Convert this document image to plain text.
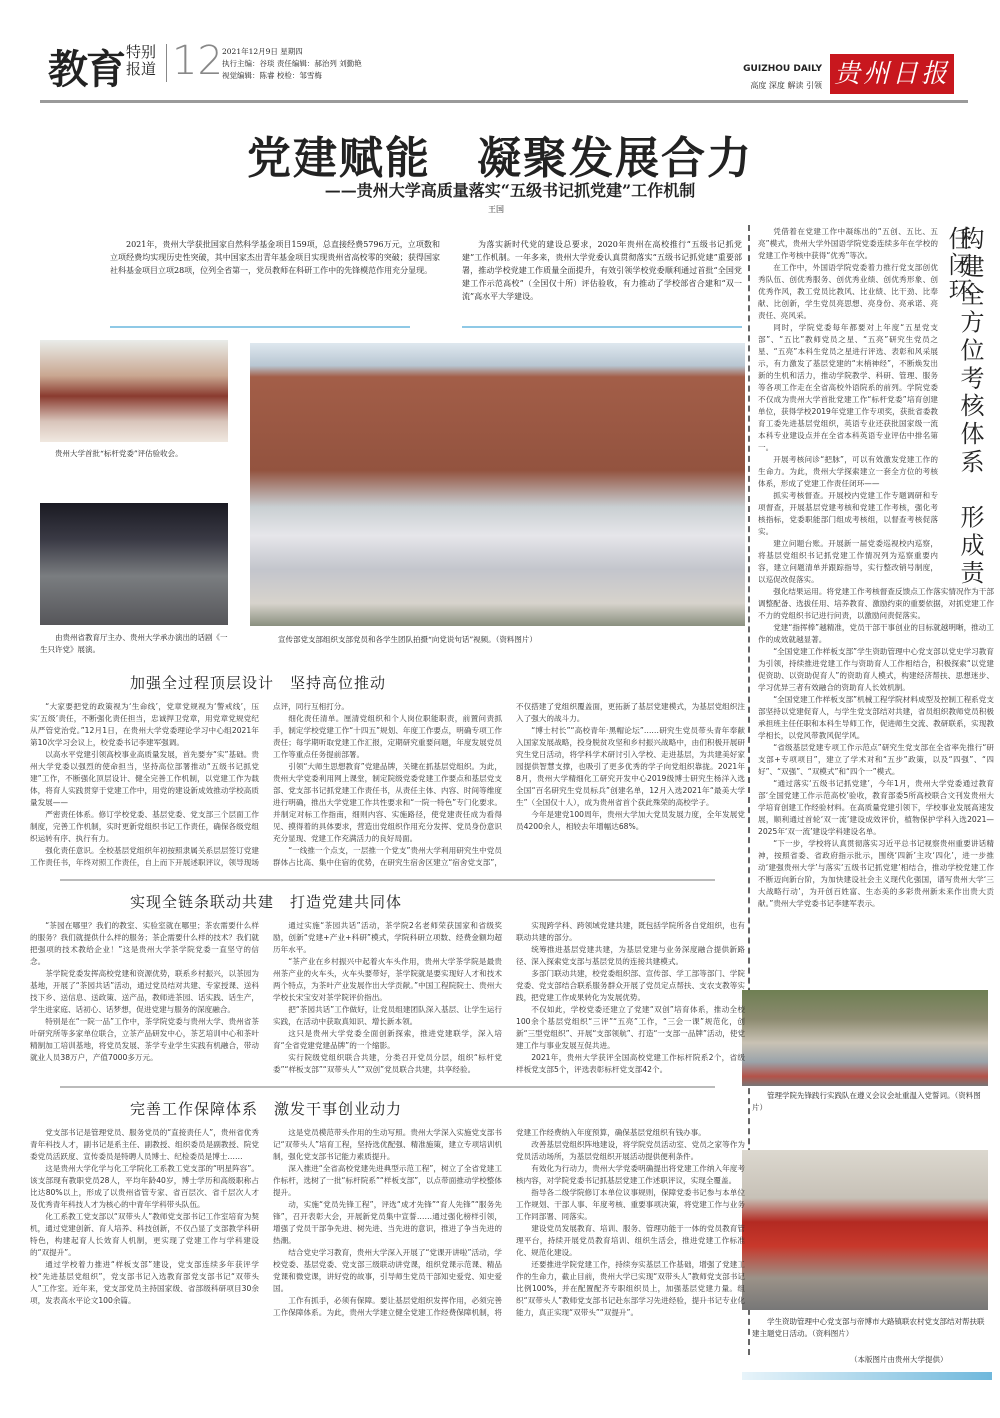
教育 特别报道 12 2021年12月9日 星期四
执行主编：谷琰 责任编辑：郝治列 刘勤艳
视觉编辑：陈睿 校检：邹雪梅
GUIZHOU DAILY
高度 深度 解读 引领 贵州日报
党建赋能　凝聚发展合力
——贵州大学高质量落实“五级书记抓党建”工作机制
王国
2021年，贵州大学获批国家自然科学基金项目159项，总直接经费5796万元，立项数和立项经费均实现历史性突破，其中国家杰出青年基金项目实现贵州省高校零的突破；获得国家社科基金项目立项28项，位列全省第一，党员教师在科研工作中的先锋模范作用充分显现。
为落实新时代党的建设总要求，2020年贵州在高校推行“五级书记抓党建”工作机制。一年多来，贵州大学党委认真贯彻落实“五级书记抓党建”重要部署，推动学校党建工作质量全面提升，有效引领学校党委顺利通过首批“全国党建工作示范高校”（全国仅十所）评估验收，有力推动了学校部省合建和“双一流”高水平大学建设。
贵州大学首批“标杆党委”评估验收会。
由贵州省教育厅主办、贵州大学承办演出的话剧《一生只许党》展演。
宣传部党支部组织支部党员和各学生团队拍摄“向党说句话”视频。（资料图片）
构建全方位考核体系　形成责任闭环

凭借着在党建工作中凝练出的“五创、五比、五亮”模式，贵州大学外国语学院党委连续多年在学校的党建工作考核中获得“优秀”等次。

在工作中，外国语学院党委着力推行党支部创优秀队伍、创优秀服务、创优秀业绩、创优秀形象、创优秀作风，教工党员比教风、比业绩、比干劲、比奉献、比创新，学生党员亮思想、亮身份、亮承诺、亮责任、亮风采。

同时，学院党委每年都要对上年度“五星党支部”、“五比”教师党员之星、“五亮”研究生党员之星、“五亮”本科生党员之星进行评选、表彰和风采展示，有力激发了基层党建的“末梢神经”，不断焕发出新的生机和活力，推动学院教学、科研、管理、服务等各项工作走在全省高校外语院系的前列。学院党委不仅成为贵州大学首批党建工作“标杆党委”培育创建单位，获得学校2019年党建工作专项奖，获批省委教育工委先进基层党组织，英语专业还获批国家级一流本科专业建设点并在全省本科英语专业评估中排名第一。

开展考核问诊“把脉”，可以有效激发党建工作的生命力。为此，贵州大学探索建立一套全方位的考核体系，形成了党建工作责任闭环——

抓实考核督查。开展校内党建工作专题调研和专项督查，开展基层党建考核和党建工作考核，强化考核指标，党委职能部门组成考核组，以督查考核促落实。

建立问题台账。开展新一届党委巡视校内巡察，将基层党组织书记抓党建工作情况列为巡察重要内容，建立问题清单并跟踪指导，实行整改销号制度，以巡促改促落实。

强化结果运用。将党建工作考核督查反馈点工作落实情况作为干部调整配备、选拔任用、培养教育、激励约束的重要依据，对抓党建工作不力的党组织书记进行问责，以激励问责促落实。

党建“指挥棒”越精准，党员干部干事创业的目标就越明晰，推动工作的成效就越显著。

“全国党建工作样板支部”学生资助管理中心党支部以党史学习教育为引领，持续推进党建工作与资助育人工作相结合，积极探索“以党建促资助、以资助促育人”的资助育人模式，构建经济帮扶、思想迷步、学习优异三者有效融合的资助育人长效机制。

“全国党建工作样板支部”机械工程学院材料成型及控制工程系党支部坚持以党建促育人，与学生党支部结对共建，省员组织教师党员积极承担班主任任职和本科生导师工作，促进师生交流、教研联系，实现教学相长，以党风带教风促学风。

“省级基层党建专项工作示范点”研究生党支部在全省率先推行“研支部+专项项目”，建立了学术对和“五步”政策，以及“四强”、“四好”、“双强”、“双模式”和“四个一”模式。

“通过落实‘五级书记抓党建’，今年1月，贵州大学党委通过教育部‘全国党建工作示范高校’验收，教育部委5所高校联合文刊发贵州大学培育创建工作经验材料。在高质量党建引领下，学校事业发展高速发展，顺利通过首轮‘双一流’建设成效评价，植物保护学科入选2021—2025年‘双一流’建设学科建设名单。

“下一步，学校将认真贯彻落实习近平总书记视察贵州重要讲话精神，按照省委、省政府指示批示，围绕‘四新’主攻‘四化’，进一步推动‘建强贵州大学’与落实‘五级书记抓党建’相结合，推动学校党建工作不断迈向新台阶，为加快建设社会主义现代化强国，谱写贵州大学‘三大战略行动’，为开创百姓富、生态美的多彩贵州新未来作出贵大贡献。”贵州大学党委书记李建军表示。

管理学院先锋践行实践队在遵义会议会址重温入党誓词。（资料图片）
学生资助管理中心党支部与帝博市大路镇联农村党支部结对帮扶联建主题党日活动。（资料图片）
（本版图片由贵州大学提供）
加强全过程顶层设计　坚持高位推动

“大家要把党的政策视为‘生命线’，党章党规视为‘警戒线’，压实‘五级’责任，不断强化责任担当，忠诚捍卫党章，用党章党规党纪从严管党治党。”12月1日，在贵州大学党委理论学习中心组2021年第10次学习会议上，校党委书记李建军强调。

以高水平党建引领高校事业高质量发展，首先要夯“实”基础。贵州大学党委以强烈的使命担当，坚持高位部署推动“五级书记抓党建”工作，不断强化顶层设计、健全完善工作机制，以党建工作为载体，将育人实践贯穿于党建工作中，用党的建设新成效推动学校高质量发展——

严密责任体系。修订学校党委、基层党委、党支部三个层面工作制度，完善工作机制，实时更新党组织书记工作责任，确保各级党组织运转有序、执行有力。

强化责任意识。全校基层党组织年初按照隶属关系层层签订党建工作责任书，年终对照工作责任，自上而下开展述职评议，领导现场点评，同行互相打分。

细化责任清单。厘清党组织和个人岗位职能职责，前置问责抓手，制定学校党建工作“十四五”规划、年度工作要点，明确专项工作责任；每学期听取党建工作汇报，定期研究重要问题，年度发展党员工作等重点任务提前部署。

引领“大师生思想教育”党建品牌，关键在抓基层党组织。为此，贵州大学党委利用网上课堂，制定院级党委党建工作要点和基层党支部、党支部书记抓党建工作责任书，从责任主体、内容、时间等维度进行明确，推出大学党建工作共性要求和“一院一特色”专门化要求。并制定对标工作指南，细则内容、实施路径，使党建责任成为看得见、摸得着的具体要求，营造出党组织作用充分发挥、党员身份意识充分显现、党建工作充满活力的良好局面。

“一线推一个点支，一层推一个党支”贵州大学利用研究生中党员群体占比高、集中住宿的优势，在研究生宿舍区建立“宿舍党支部”，不仅搭建了党组织覆盖面，更拓新了基层党建模式，为基层党组织注入了强大的战斗力。

“博士村长”“高校青年·黑帽论坛”……研究生党员带头青年奉献入国家发展战略，投身脱贫攻坚和乡村振兴战略中，由们积极开展研究生党日活动，将学科学术研讨引入学校、走进基层，为共建美好家园提供智慧支撑，也吸引了更多优秀的学子向党组织靠拢。2021年8月，贵州大学精细化工研究开发中心2019级博士研究生杨洋入选全国“百名研究生党员标兵”创建名单，12月入选2021年“最美大学生”（全国仅十人），成为贵州省首个获此殊荣的高校学子。

今年是建党100周年，贵州大学加大党员发展力度，全年发展党员4200余人，相较去年增幅达68%。

实现全链条联动共建　打造党建共同体

“茶园在哪里？我们的教室、实验室就在哪里；茶农需要什么样的服务？我们就提供什么样的服务；茶企需要什么样的技术？我们就把强项的技术教给企业！”这是贵州大学茶学院党委一直坚守的信念。

茶学院党委发挥高校党建和资源优势，联系乡村振兴，以茶园为基地，开展了“茶园共话”活动，通过党员结对共建、专家授课、送科技下乡、送信息、送政策、送产品，教师进茶园、话实践、话生产，学生进家庭、话初心、话梦想，促进党建与服务的深度融合。

特别是在“一院一品”工作中，茶学院党委与贵州大学、贵州省茶叶研究所等多家单位联合，立茶产品研发中心，茶艺培训中心和茶叶精制加工培训基地，将党员发展、茶学专业学生实践有机融合，带动就业人员38万户，产值7000多万元。

通过实施“茶园共话”活动，茶学院2名老师荣获国家和省级奖励，创新“党建+产业+科研”模式，学院科研立项数、经费金额均超历年水平。

“茶产业在乡村振兴中起着火车头作用，贵州大学茶学院是最贵州茶产业的火车头，火车头要带好，茶学院就是要实现好人才和技术两个特点，为茶叶产业发展作出大学贡献。”中国工程院院士、贵州大学校长宋宝安对茶学院评价指出。

把“茶园共话”工作做好，让党员组建团队深入基层、让学生运行实践，在活动中获取真知识、增长新本领。

这只是贵州大学党委全面创新探索，推进党建联学，深入培育“全省党建党建品牌”的一个缩影。

实行院级党组织联合共建，分类召开党员分层，组织“标杆党委”“样板支部”“双带头人”“双创”党员联合共建，共享经验。

实现跨学科、跨领域党建共建，既包括学院所各自党组织，也有联动共建的部分。

统筹推进基层党建共建，为基层党建与业务深度融合提供新路径、深入探索党支部与基层党员的连接共建模式。

多部门联动共建，校党委组织部、宣传部、学工部等部门、学院党委、党支部结合联系服务群众开展了党员定点帮扶、支农支教等实践，把党建工作成果转化为发展优势。

不仅如此，学校党委还建立了党建“双创”培育体系，推动全校100余个基层党组织“三评”“五亮”工作，“三会一课”规范化，创新“三型党组织”、开展“支部领航”、打造“一支部一品牌”活动，使党建工作与事业发展互促共进。

2021年，贵州大学获评全国高校党建工作标杆院系2个，省级样板党支部5个，评选表彰标杆党支部42个。

完善工作保障体系　激发干事创业动力

党支部书记是管理党员、服务党员的“直接责任人”，贵州省优秀青年科技人才，副书记是系主任、副教授、组织委员是副教授、院党委党员活跃度、宣传委员是特聘人员博士、纪检委员是博士……

这是贵州大学化学与化工学院化工系教工党支部的“明星阵容”。该支部现有教职党员28人，平均年龄40岁，博士学历和高级职称占比达80%以上，形成了以贵州省管专家、省百层次、省千层次人才及优秀青年科技人才为核心的中青年学科带头队伍。

化工系教工党支部以“双带头人”教师党支部书记工作室培育为契机，通过党建创新、育人培养、科技创新，不仅凸显了支部教学科研特色，构建起育人长效育人机制，更实现了党建工作与学科建设的“双提升”。

通过学校着力推进“样板支部”建设，党支部连续多年获评学校“先进基层党组织”，党支部书记入选教育部党支部书记“双带头人”工作室。近年来，党支部党员主持国家级、省部级科研项目30余项，发表高水平论文100余篇。

这是党员模范带头作用的生动写照。贵州大学深入实施党支部书记“双带头人”培育工程，坚持选优配强、精准施策，建立专项培训机制，强化党支部书记能力素质提升。

深入推进“全省高校党建先进典型示范工程”，树立了全省党建工作标杆，选树了一批“标杆院系”“样板支部”，以点带面推动学校整体提升。

动，实施“党员先锋工程”，评选“成才先锋”“育人先锋”“服务先锋”，召开表彰大会，开展新党员集中宣誓……通过强化榜样引领，增强了党员干部争先进、树先进、当先进的意识，推进了争当先进的热潮。

结合党史学习教育，贵州大学深入开展了“党课开讲啦”活动，学校党委、基层党委、党支部三级联动讲党课，组织党课示范课、精品党课和微党课，讲好党的故事，引导师生党员干部知史爱党、知史爱国。

工作有抓手，必须有保障。要让基层党组织发挥作用，必须完善工作保障体系。为此，贵州大学建立健全党建工作经费保障机制，将党建工作经费纳入年度预算，确保基层党组织有钱办事。

改善基层党组织阵地建设，将学院党员活动室、党员之家等作为党员活动场所，为基层党组织开展活动提供便利条件。

有效化为行动力，贵州大学党委明确提出将党建工作纳入年度考核内容，对学院党委书记抓基层党建工作述职评议，实现全覆盖。

指导各二级学院修订本单位议事规则，保障党委书记参与本单位工作规划、干部人事、年度考核、重要事项决策，将党建工作与业务工作同部署、同落实。

建设党员发展教育、培训、服务、管理功能于一体的党员教育管理平台，持续开展党员教育培训、组织生活会，推进党建工作标准化、规范化建设。

还要推进学院党建工作，持续夯实基层工作基础，增强了党建工作的生命力，截止目前，贵州大学已实现“双带头人”教师党支部书记比例100%，并在配置配齐专职组织员上，加强基层党建力量。组织“双带头人”教师党支部书记赴东部学习先进经验，提升书记专业化能力，真正实现“双带头”“双提升”。
